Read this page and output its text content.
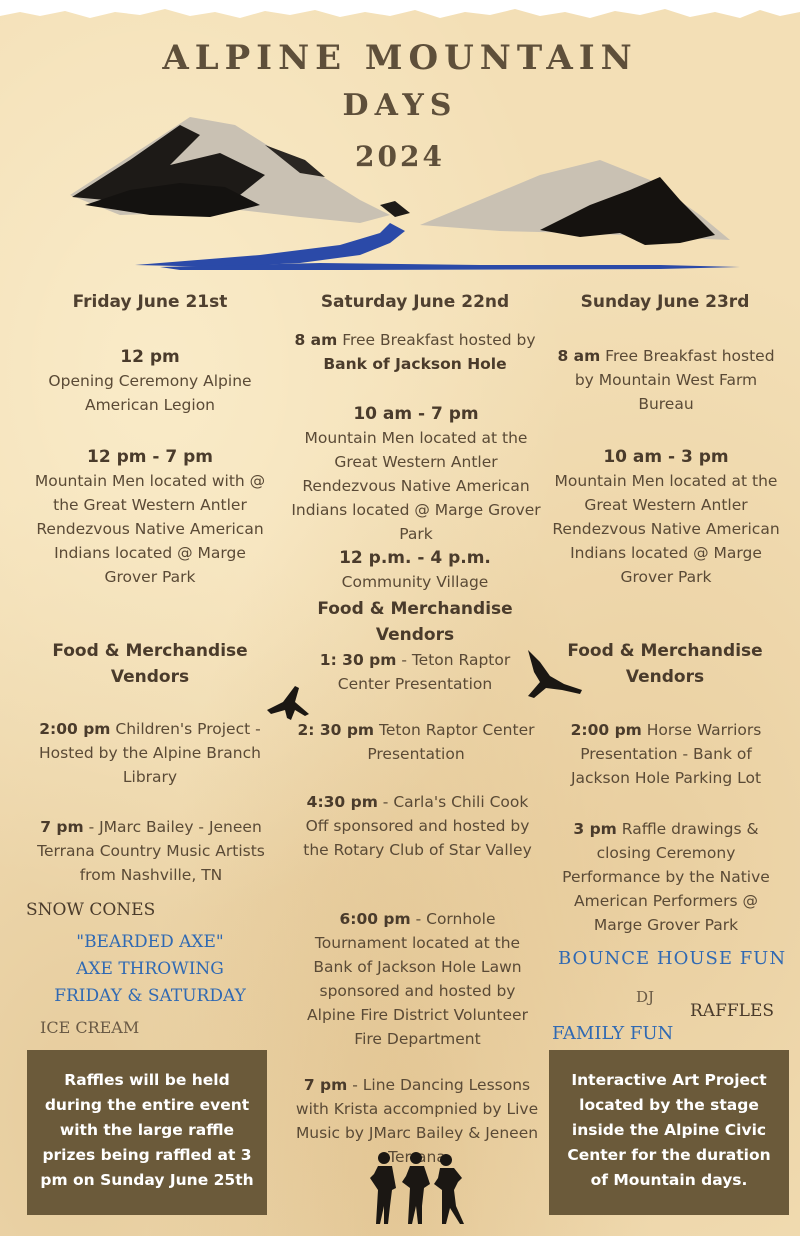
ALPINE MOUNTAIN
DAYS
2024
Friday June 21st	Saturday June 22nd	Sunday June 23rd
12 pm
Opening Ceremony Alpine American Legion
12 pm - 7 pm
Mountain Men located with @ the Great Western Antler Rendezvous Native American Indians located @ Marge Grover Park
Food & Merchandise Vendors
2:00 pm Children's Project - Hosted by the Alpine Branch Library
7 pm - JMarc Bailey - Jeneen Terrana Country Music Artists from Nashville, TN
SNOW CONES
"BEARDED AXE"
AXE THROWING
FRIDAY & SATURDAY
ICE CREAM
Raffles will be held during the entire event with the large raffle prizes being raffled at 3 pm on Sunday June 25th
8 am Free Breakfast hosted by Bank of Jackson Hole
10 am - 7 pm
Mountain Men located at the Great Western Antler Rendezvous Native American Indians located @ Marge Grover Park
12 p.m. - 4 p.m.
Community Village
Food & Merchandise Vendors
1: 30 pm - Teton Raptor Center Presentation
2: 30 pm Teton Raptor Center Presentation
4:30 pm - Carla's Chili Cook Off sponsored and hosted by the Rotary Club of Star Valley
6:00 pm - Cornhole Tournament located at the Bank of Jackson Hole Lawn sponsored and hosted by Alpine Fire District Volunteer Fire Department
7 pm - Line Dancing Lessons with Krista accompnied by Live Music by JMarc Bailey & Jeneen
8 am Free Breakfast hosted by Mountain West Farm Bureau
10 am - 3 pm
Mountain Men located at the Great Western Antler Rendezvous Native American Indians located @ Marge Grover Park
Food & Merchandise Vendors
2:00 pm Horse Warriors Presentation - Bank of Jackson Hole Parking Lot
3 pm Raffle drawings & closing Ceremony Performance by the Native American Performers @ Marge Grover Park
BOUNCE HOUSE FUN
DJ
RAFFLES
FAMILY FUN
Interactive Art Project located by the stage inside the Alpine Civic Center for the duration of Mountain days.
